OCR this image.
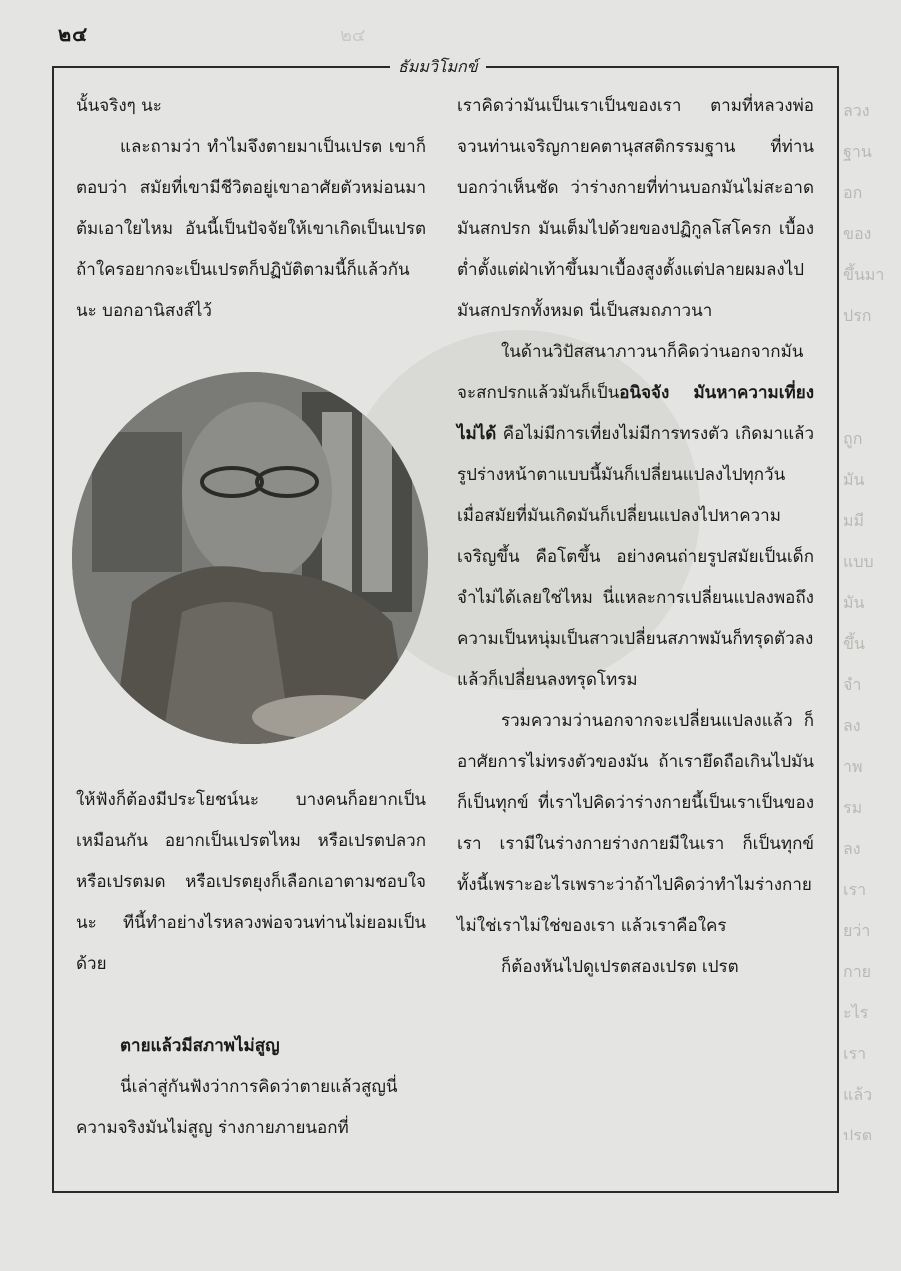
ลวง
ฐาน
อก
ของ
ขึ้นมา
ปรก

ถูก
มัน
มมี
แบบ
มัน
ขึ้น
จำ
ลง
าพ
รม
ลง
เรา
ยว่า
กาย
ะไร
เรา
แล้ว
ปรต
๒๔	๒๔
ธัมมวิโมกข์

นั้นจริงๆ นะ

และถามว่า ทำไมจึงตายมาเป็นเปรต เขาก็ตอบว่า สมัยที่เขามีชีวิตอยู่เขาอาศัยตัวหม่อนมาต้มเอาใยไหม อันนี้เป็นปัจจัยให้เขาเกิดเป็นเปรต ถ้าใครอยากจะเป็นเปรตก็ปฏิบัติตามนี้ก็แล้วกันนะ บอกอานิสงส์ไว้

ให้ฟังก็ต้องมีประโยชน์นะ บางคนก็อยากเป็นเหมือนกัน อยากเป็นเปรตไหม หรือเปรตปลวก หรือเปรตมด หรือเปรตยุงก็เลือกเอาตามชอบใจนะ ทีนี้ทำอย่างไรหลวงพ่อจวนท่านไม่ยอมเป็นด้วย

ตายแล้วมีสภาพไม่สูญ

นี่เล่าสู่กันฟังว่าการคิดว่าตายแล้วสูญนี่ ความจริงมันไม่สูญ ร่างกายภายนอกที่

เราคิดว่ามันเป็นเราเป็นของเรา ตามที่หลวงพ่อจวนท่านเจริญกายคตานุสสติกรรมฐาน ที่ท่านบอกว่าเห็นชัด ว่าร่างกายที่ท่านบอกมันไม่สะอาดมันสกปรก มันเต็มไปด้วยของปฏิกูลโสโครก เบื้องต่ำตั้งแต่ฝ่าเท้าขึ้นมาเบื้องสูงตั้งแต่ปลายผมลงไป มันสกปรกทั้งหมด นี่เป็นสมถภาวนา

ในด้านวิปัสสนาภาวนาก็คิดว่านอกจากมันจะสกปรกแล้วมันก็เป็นอนิจจัง มันหาความเที่ยงไม่ได้ คือไม่มีการเที่ยงไม่มีการทรงตัว เกิดมาแล้วรูปร่างหน้าตาแบบนี้มันก็เปลี่ยนแปลงไปทุกวัน เมื่อสมัยที่มันเกิดมันก็เปลี่ยนแปลงไปหาความเจริญขึ้น คือโตขึ้น อย่างคนถ่ายรูปสมัยเป็นเด็ก จำไม่ได้เลยใช่ไหม นี่แหละการเปลี่ยนแปลงพอถึงความเป็นหนุ่มเป็นสาวเปลี่ยนสภาพมันก็ทรุดตัวลง แล้วก็เปลี่ยนลงทรุดโทรม

รวมความว่านอกจากจะเปลี่ยนแปลงแล้ว ก็อาศัยการไม่ทรงตัวของมัน ถ้าเรายึดถือเกินไปมันก็เป็นทุกข์ ที่เราไปคิดว่าร่างกายนี้เป็นเราเป็นของเรา เรามีในร่างกายร่างกายมีในเรา ก็เป็นทุกข์ ทั้งนี้เพราะอะไรเพราะว่าถ้าไปคิดว่าทำไมร่างกายไม่ใช่เราไม่ใช่ของเรา แล้วเราคือใคร

ก็ต้องหันไปดูเปรตสองเปรต เปรต
